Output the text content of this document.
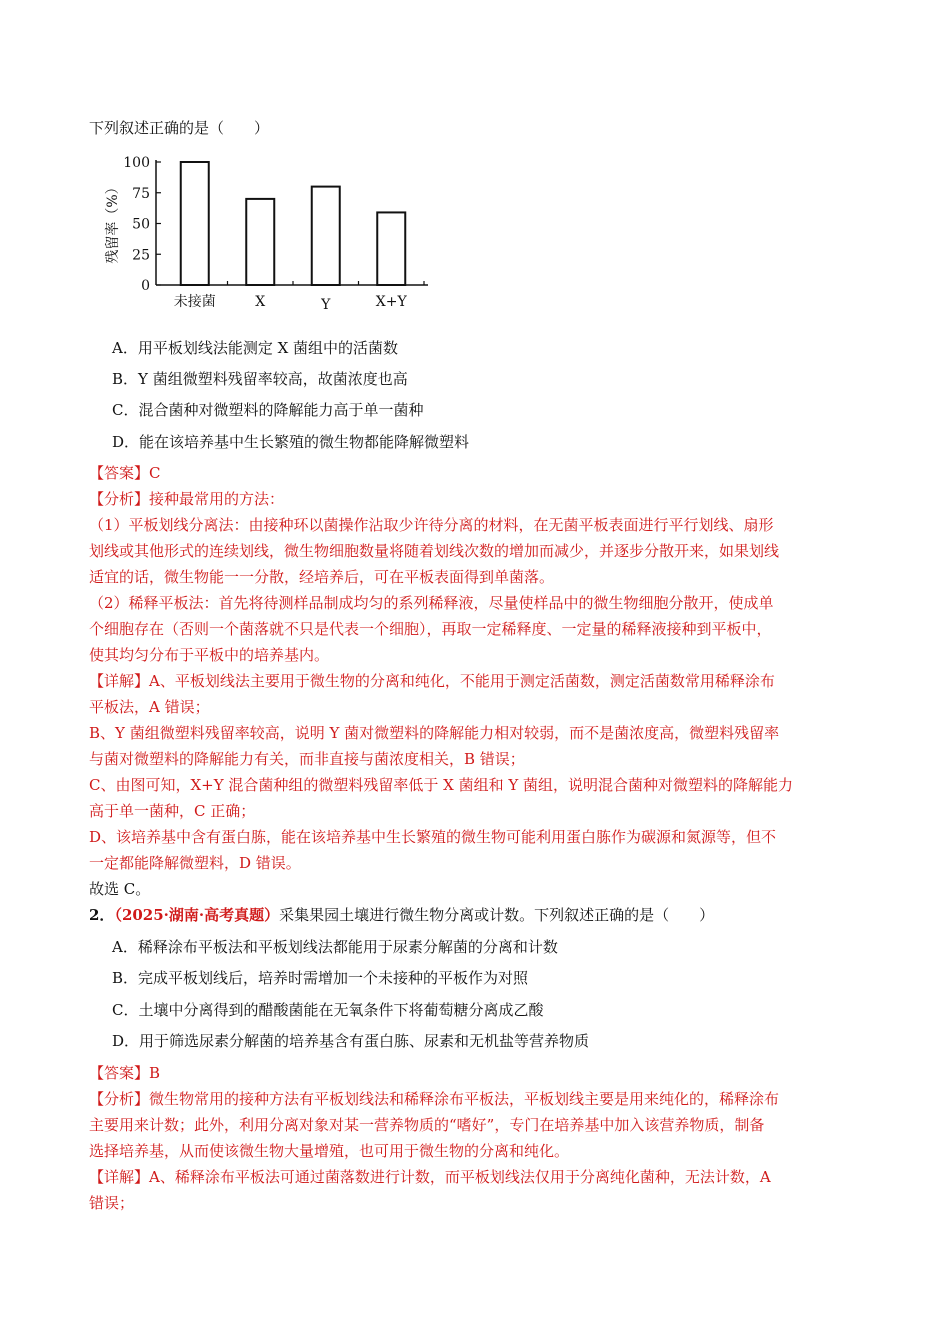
下列叙述正确的是（　　）
100
75
50
25
0
未接菌	X	Y	X+Y
残留率（%）
A．用平板划线法能测定 X 菌组中的活菌数
B．Y 菌组微塑料残留率较高，故菌浓度也高
C．混合菌种对微塑料的降解能力高于单一菌种
D．能在该培养基中生长繁殖的微生物都能降解微塑料
【答案】C
【分析】接种最常用的方法：
（1）平板划线分离法：由接种环以菌操作沾取少许待分离的材料，在无菌平板表面进行平行划线、扇形
划线或其他形式的连续划线，微生物细胞数量将随着划线次数的增加而减少，并逐步分散开来，如果划线
适宜的话，微生物能一一分散，经培养后，可在平板表面得到单菌落。
（2）稀释平板法：首先将待测样品制成均匀的系列稀释液，尽量使样品中的微生物细胞分散开，使成单
个细胞存在（否则一个菌落就不只是代表一个细胞），再取一定稀释度、一定量的稀释液接种到平板中，
使其均匀分布于平板中的培养基内。
【详解】A、平板划线法主要用于微生物的分离和纯化，不能用于测定活菌数，测定活菌数常用稀释涂布
平板法，A 错误；
B、Y 菌组微塑料残留率较高，说明 Y 菌对微塑料的降解能力相对较弱，而不是菌浓度高，微塑料残留率
与菌对微塑料的降解能力有关，而非直接与菌浓度相关，B 错误；
C、由图可知，X+Y 混合菌种组的微塑料残留率低于 X 菌组和 Y 菌组，说明混合菌种对微塑料的降解能力
高于单一菌种，C 正确；
D、该培养基中含有蛋白胨，能在该培养基中生长繁殖的微生物可能利用蛋白胨作为碳源和氮源等，但不
一定都能降解微塑料，D 错误。
故选 C。
2．（2025·湖南·高考真题）采集果园土壤进行微生物分离或计数。下列叙述正确的是（　　）
A．稀释涂布平板法和平板划线法都能用于尿素分解菌的分离和计数
B．完成平板划线后，培养时需增加一个未接种的平板作为对照
C．土壤中分离得到的醋酸菌能在无氧条件下将葡萄糖分离成乙酸
D．用于筛选尿素分解菌的培养基含有蛋白胨、尿素和无机盐等营养物质
【答案】B
【分析】微生物常用的接种方法有平板划线法和稀释涂布平板法，平板划线主要是用来纯化的，稀释涂布
主要用来计数；此外，利用分离对象对某一营养物质的“嗜好”，专门在培养基中加入该营养物质，制备
选择培养基，从而使该微生物大量增殖，也可用于微生物的分离和纯化。
【详解】A、稀释涂布平板法可通过菌落数进行计数，而平板划线法仅用于分离纯化菌种，无法计数，A
错误；
